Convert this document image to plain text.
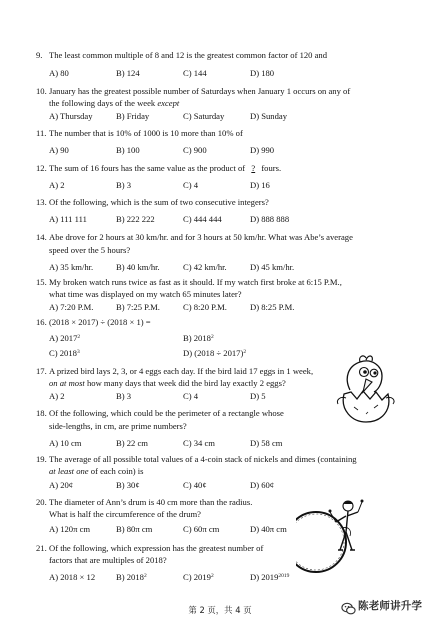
9. The least common multiple of 8 and 12 is the greatest common factor of 120 and
A) 80	B) 124	C) 144	D) 180
10. January has the greatest possible number of Saturdays when January 1 occurs on any of
the following days of the week except
A) Thursday	B) Friday	C) Saturday	D) Sunday
11. The number that is 10% of 1000 is 10 more than 10% of
A) 90	B) 100	C) 900	D) 990
12. The sum of 16 fours has the same value as the product of ? fours.
A) 2	B) 3	C) 4	D) 16
13. Of the following, which is the sum of two consecutive integers?
A) 111 111	B) 222 222	C) 444 444	D) 888 888
14. Abe drove for 2 hours at 30 km/hr. and for 3 hours at 50 km/hr. What was Abe’s average
speed over the 5 hours?
A) 35 km/hr.	B) 40 km/hr.	C) 42 km/hr.	D) 45 km/hr.
15. My broken watch runs twice as fast as it should. If my watch first broke at 6:15 P.M.,
what time was displayed on my watch 65 minutes later?
A) 7:20 P.M.	B) 7:25 P.M.	C) 8:20 P.M.	D) 8:25 P.M.
16. (2018 × 2017) ÷ (2018 × 1) =
A) 2017$^2$	B) 2018$^2$
C) 2018$^3$	D) $(2018 \div 2017)^2$
17. A prized bird lays 2, 3, or 4 eggs each day. If the bird laid 17 eggs in 1 week,
on at most how many days that week did the bird lay exactly 2 eggs?
A) 2	B) 3	C) 4	D) 5
18. Of the following, which could be the perimeter of a rectangle whose
side-lengths, in cm, are prime numbers?
A) 10 cm	B) 22 cm	C) 34 cm	D) 58 cm
19. The average of all possible total values of a 4-coin stack of nickels and dimes (containing
at least one of each coin) is
A) 20¢	B) 30¢	C) 40¢	D) 60¢
20. The diameter of Ann’s drum is 40 cm more than the radius.
What is half the circumference of the drum?
A) 120π cm	B) 80π cm	C) 60π cm	D) 40π cm
21. Of the following, which expression has the greatest number of
factors that are multiples of 2018?
A) 2018 × 12 B) 2018$^2$	C) 2019$^2$	D) $2019^{2019}$
第 2 页，共 4 页	陈老师讲升学
